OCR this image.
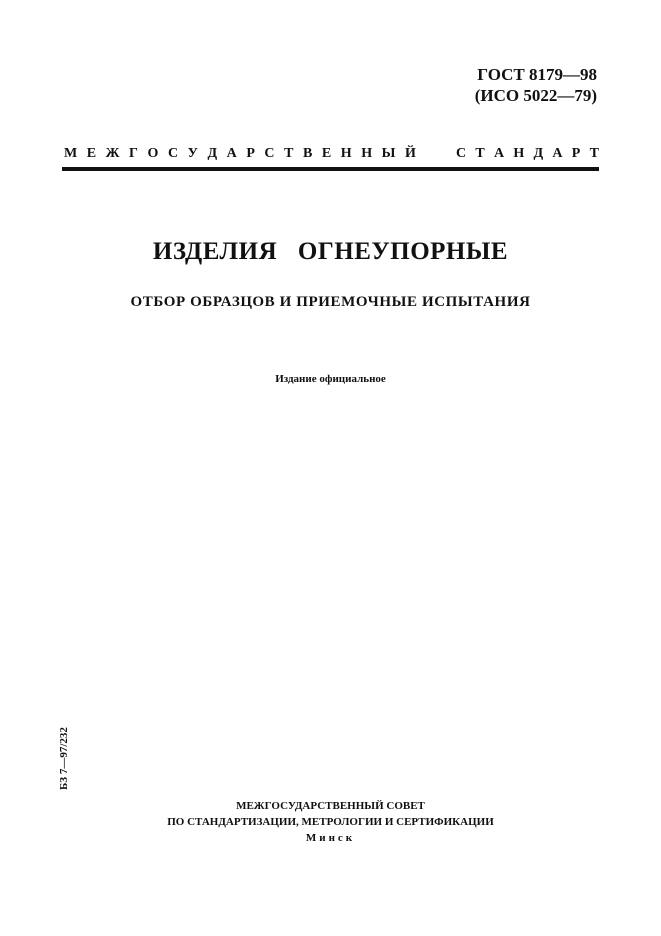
ГОСТ 8179—98
(ИСО 5022—79)
М Е Ж Г О С У Д А Р С Т В Е Н Н Ы Й	С Т А Н Д А Р Т
ИЗДЕЛИЯ ОГНЕУПОРНЫЕ
ОТБОР ОБРАЗЦОВ И ПРИЕМОЧНЫЕ ИСПЫТАНИЯ
Издание официальное
БЗ 7—97/232
МЕЖГОСУДАРСТВЕННЫЙ СОВЕТ
ПО СТАНДАРТИЗАЦИИ, МЕТРОЛОГИИ И СЕРТИФИКАЦИИ
Минск
